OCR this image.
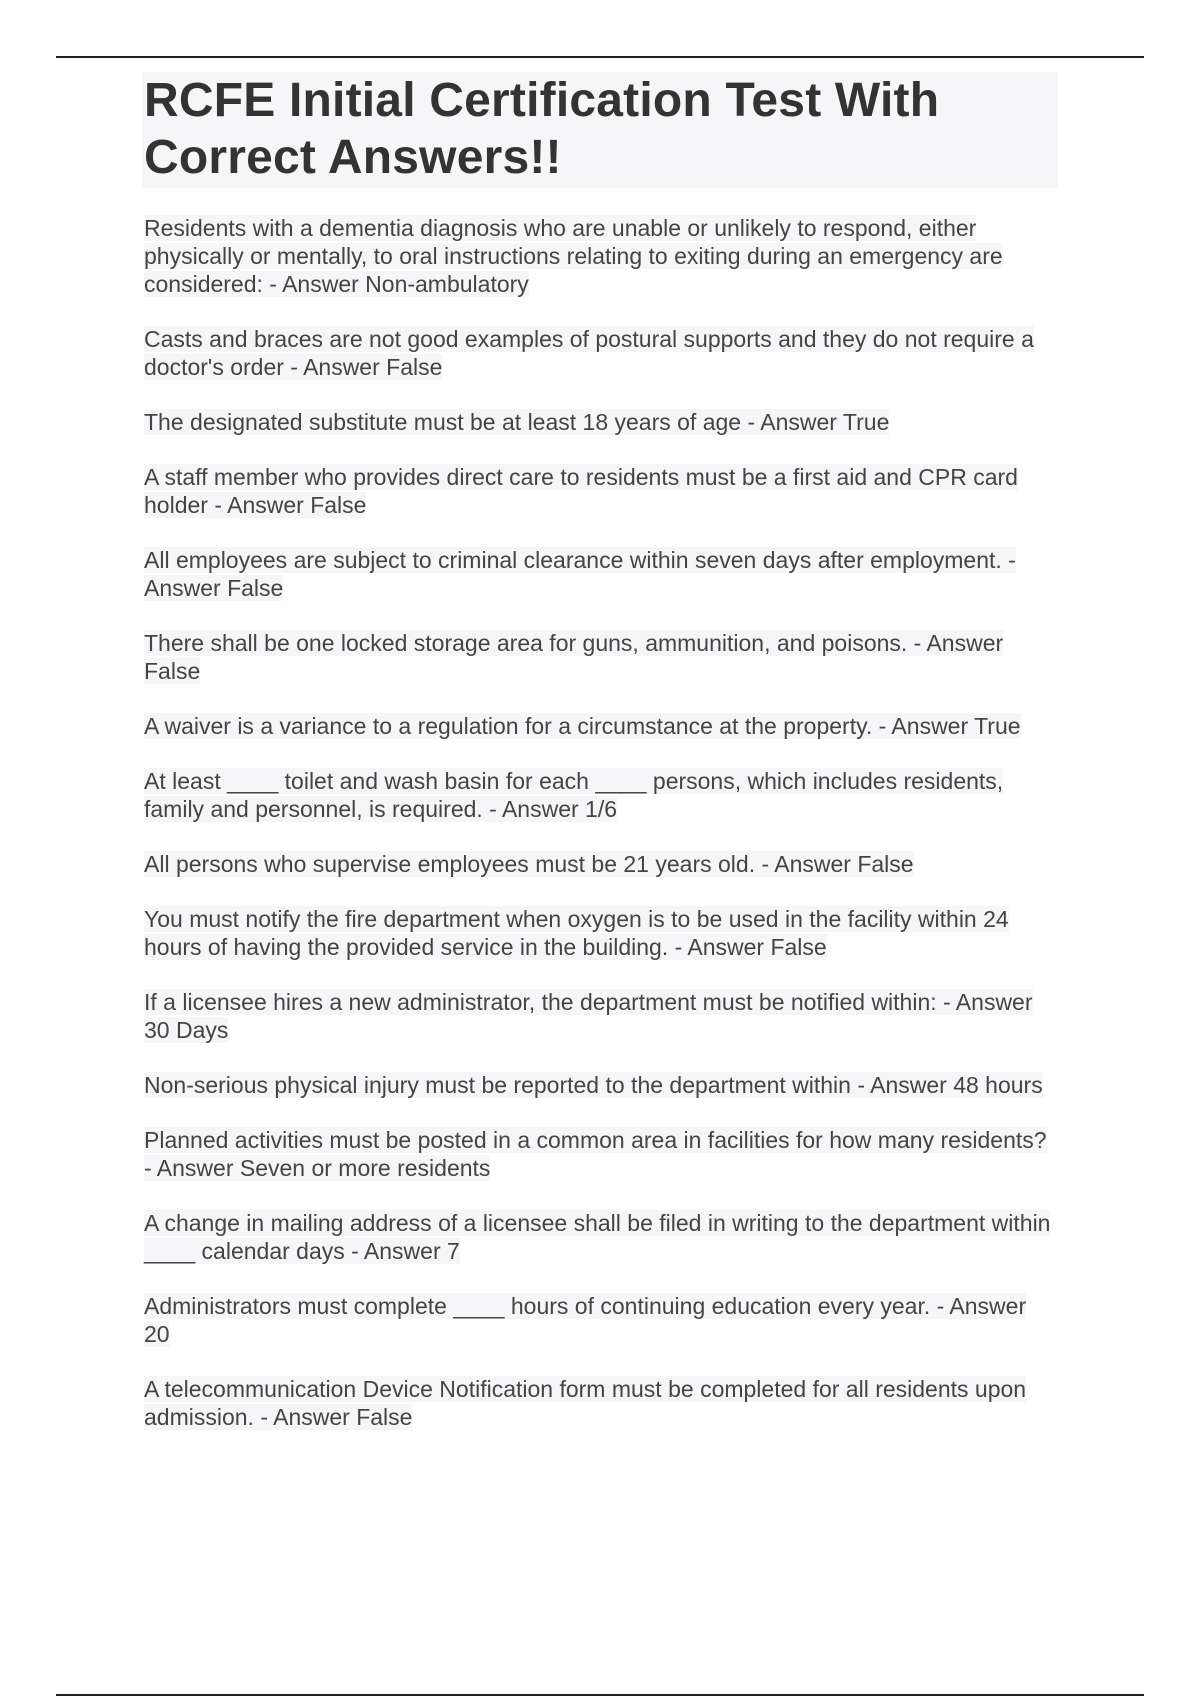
RCFE Initial Certification Test With Correct Answers!!
Residents with a dementia diagnosis who are unable or unlikely to respond, either physically or mentally, to oral instructions relating to exiting during an emergency are considered: - Answer Non-ambulatory
Casts and braces are not good examples of postural supports and they do not require a doctor's order - Answer False
The designated substitute must be at least 18 years of age - Answer True
A staff member who provides direct care to residents must be a first aid and CPR card holder - Answer False
All employees are subject to criminal clearance within seven days after employment. - Answer False
There shall be one locked storage area for guns, ammunition, and poisons. - Answer False
A waiver is a variance to a regulation for a circumstance at the property. - Answer True
At least ____ toilet and wash basin for each ____ persons, which includes residents, family and personnel, is required. - Answer 1/6
All persons who supervise employees must be 21 years old. - Answer False
You must notify the fire department when oxygen is to be used in the facility within 24 hours of having the provided service in the building. - Answer False
If a licensee hires a new administrator, the department must be notified within: - Answer 30 Days
Non-serious physical injury must be reported to the department within - Answer 48 hours
Planned activities must be posted in a common area in facilities for how many residents? - Answer Seven or more residents
A change in mailing address of a licensee shall be filed in writing to the department within ____ calendar days - Answer 7
Administrators must complete ____ hours of continuing education every year. - Answer 20
A telecommunication Device Notification form must be completed for all residents upon admission. - Answer False
